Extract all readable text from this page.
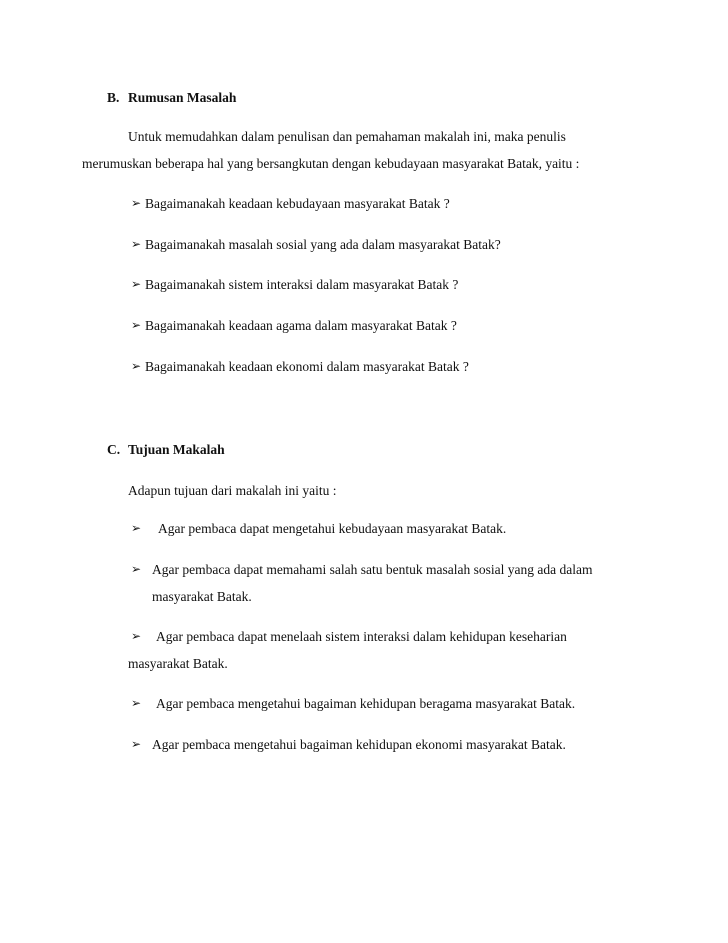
B. Rumusan Masalah
Untuk memudahkan dalam penulisan dan pemahaman makalah ini, maka penulis
merumuskan beberapa hal yang bersangkutan dengan kebudayaan masyarakat Batak, yaitu :
➢ Bagaimanakah keadaan kebudayaan masyarakat Batak ?
➢ Bagaimanakah masalah sosial yang ada dalam masyarakat Batak?
➢ Bagaimanakah sistem interaksi dalam masyarakat Batak ?
➢ Bagaimanakah keadaan agama dalam masyarakat Batak ?
➢ Bagaimanakah keadaan ekonomi dalam masyarakat Batak ?
C. Tujuan Makalah
Adapun tujuan dari makalah ini yaitu :
➢ Agar pembaca dapat mengetahui kebudayaan masyarakat Batak.
➢ Agar pembaca dapat memahami salah satu bentuk masalah sosial yang ada dalam
masyarakat Batak.
➢ Agar pembaca dapat menelaah sistem interaksi dalam kehidupan keseharian
masyarakat Batak.
➢ Agar pembaca mengetahui bagaiman kehidupan beragama masyarakat Batak.
➢ Agar pembaca mengetahui bagaiman kehidupan ekonomi masyarakat Batak.
